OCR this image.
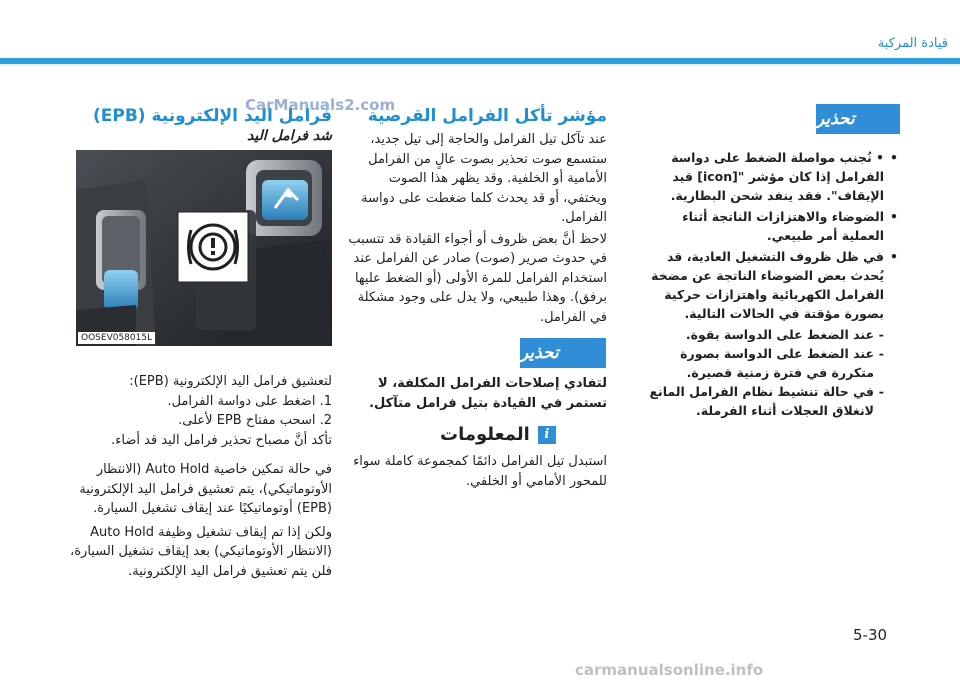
قيادة المركبة
تحذير
• • نُجنب مواصلة الضغط على دواسة الفرامل إذا كان مؤشر "[icon] قيد الإيقاف". فقد ينفد شحن البطارية.
• الضوضاء والاهتزازات الناتجة أثناء العملية أمر طبيعي.
• في ظل ظروف التشغيل العادية، قد يُحدث بعض الضوضاء الناتجة عن مضخة الفرامل الكهربائية واهتزازات حركية بصورة مؤقتة في الحالات التالية.
- عند الضغط على الدواسة بقوة.
- عند الضغط على الدواسة بصورة متكررة في فترة زمنية قصيرة.
- في حالة تنشيط نظام الفرامل المانع لانغلاق العجلات أثناء الفرملة.
مؤشر تأكل الفرامل القرصية
عند تآكل تيل الفرامل والحاجة إلى تيل جديد، ستسمع صوت تحذير بصوت عالٍ من الفرامل الأمامية أو الخلفية. وقد يظهر هذا الصوت ويختفي، أو قد يحدث كلما ضغطت على دواسة الفرامل.
لاحظ أنَّ بعض ظروف أو أجواء القيادة قد تتسبب في حدوث صرير (صوت) صادر عن الفرامل عند استخدام الفرامل للمرة الأولى (أو الضغط عليها برفق). وهذا طبيعي، ولا يدل على وجود مشكلة في الفرامل.
تحذير
لتفادي إصلاحات الفرامل المكلفة، لا تستمر في القيادة بتيل فرامل متآكل.
i
المعلومات
استبدل تيل الفرامل دائمًا كمجموعة كاملة سواء للمحور الأمامي أو الخلفي.
فرامل اليد الإلكترونية (EPB)
شد فرامل اليد
OOSEV058015L
لتعشيق فرامل اليد الإلكترونية (EPB):
1. اضغط على دواسة الفرامل.
2. اسحب مفتاح EPB لأعلى.
تأكد أنَّ مصباح تحذير فرامل اليد قد أضاء.
في حالة تمكين خاصية Auto Hold (الانتظار الأوتوماتيكي)، يتم تعشيق فرامل اليد الإلكترونية (EPB) أوتوماتيكيًا عند إيقاف تشغيل السيارة.
ولكن إذا تم إيقاف تشغيل وظيفة Auto Hold (الانتظار الأوتوماتيكي) بعد إيقاف تشغيل السيارة، فلن يتم تعشيق فرامل اليد الإلكترونية.
5-30
CarManuals2.com
carmanualsonline.info
